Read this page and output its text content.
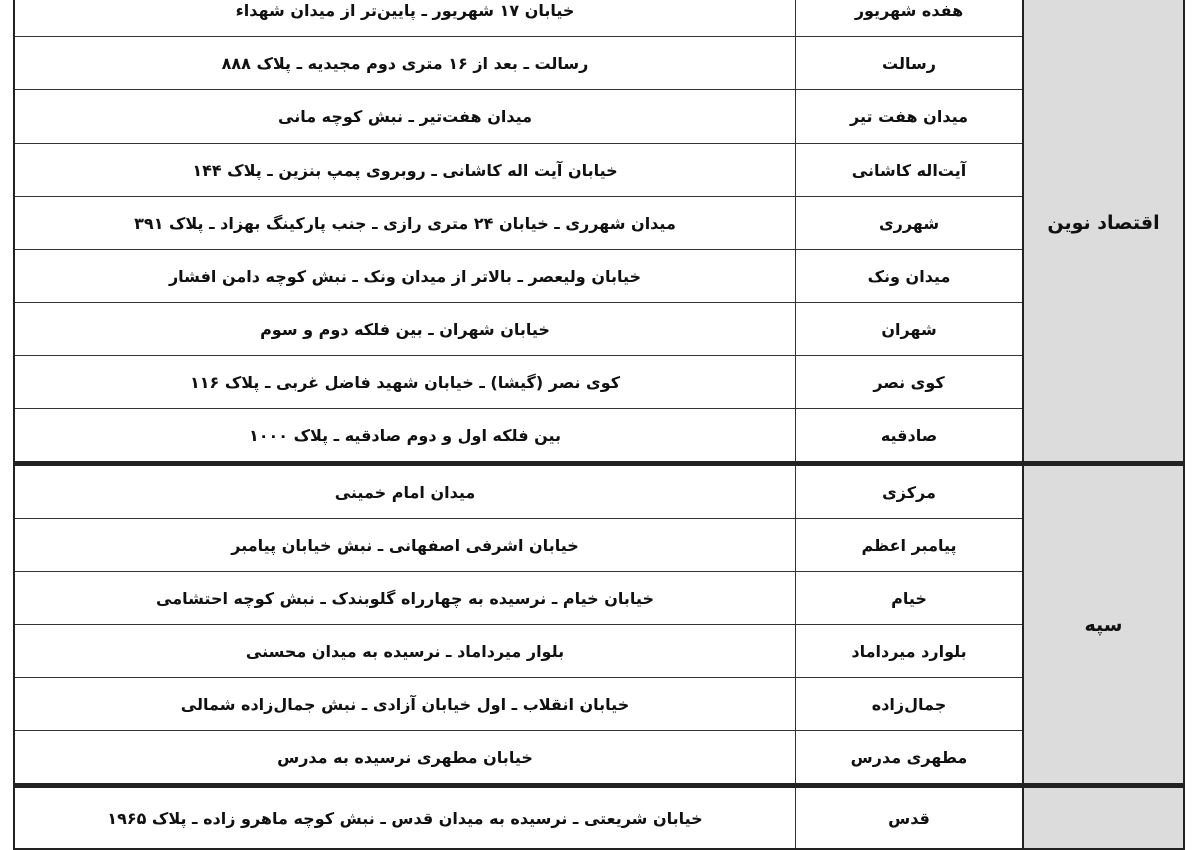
خیابان ۱۷ شهریور ـ پایین‌تر از میدان شهداء	هفده شهریور
رسالت ـ بعد از ۱۶ متری دوم مجیدیه ـ پلاک ۸۸۸	رسالت
میدان هفت‌تیر ـ نبش کوچه مانی	میدان هفت تیر
خیابان آیت اله کاشانی ـ روبروی پمپ بنزین ـ پلاک ۱۴۴	آیت‌اله کاشانی
میدان شهرری ـ خیابان ۲۴ متری رازی ـ جنب پارکینگ بهزاد ـ پلاک ۳۹۱	شهرری
خیابان ولیعصر ـ بالاتر از میدان ونک ـ نبش کوچه دامن افشار	میدان ونک
خیابان شهران ـ بین فلکه دوم و سوم	شهران
کوی نصر (گیشا) ـ خیابان شهید فاضل غربی ـ پلاک ۱۱۶	کوی نصر
بین فلکه اول و دوم صادقیه ـ پلاک ۱۰۰۰	صادقیه
اقتصاد نوین
میدان امام خمینی	مرکزی
خیابان اشرفی اصفهانی ـ نبش خیابان پیامبر	پیامبر اعظم
خیابان خیام ـ نرسیده به چهارراه گلوبندک ـ نبش کوچه احتشامی	خیام
بلوار میرداماد ـ نرسیده به میدان محسنی	بلوارد میرداماد
خیابان انقلاب ـ اول خیابان آزادی ـ نبش جمال‌زاده شمالی	جمال‌زاده
خیابان مطهری نرسیده به مدرس	مطهری مدرس
سپه
خیابان شریعتی ـ نرسیده به میدان قدس ـ نبش کوچه ماهرو زاده ـ پلاک ۱۹۶۵	قدس
